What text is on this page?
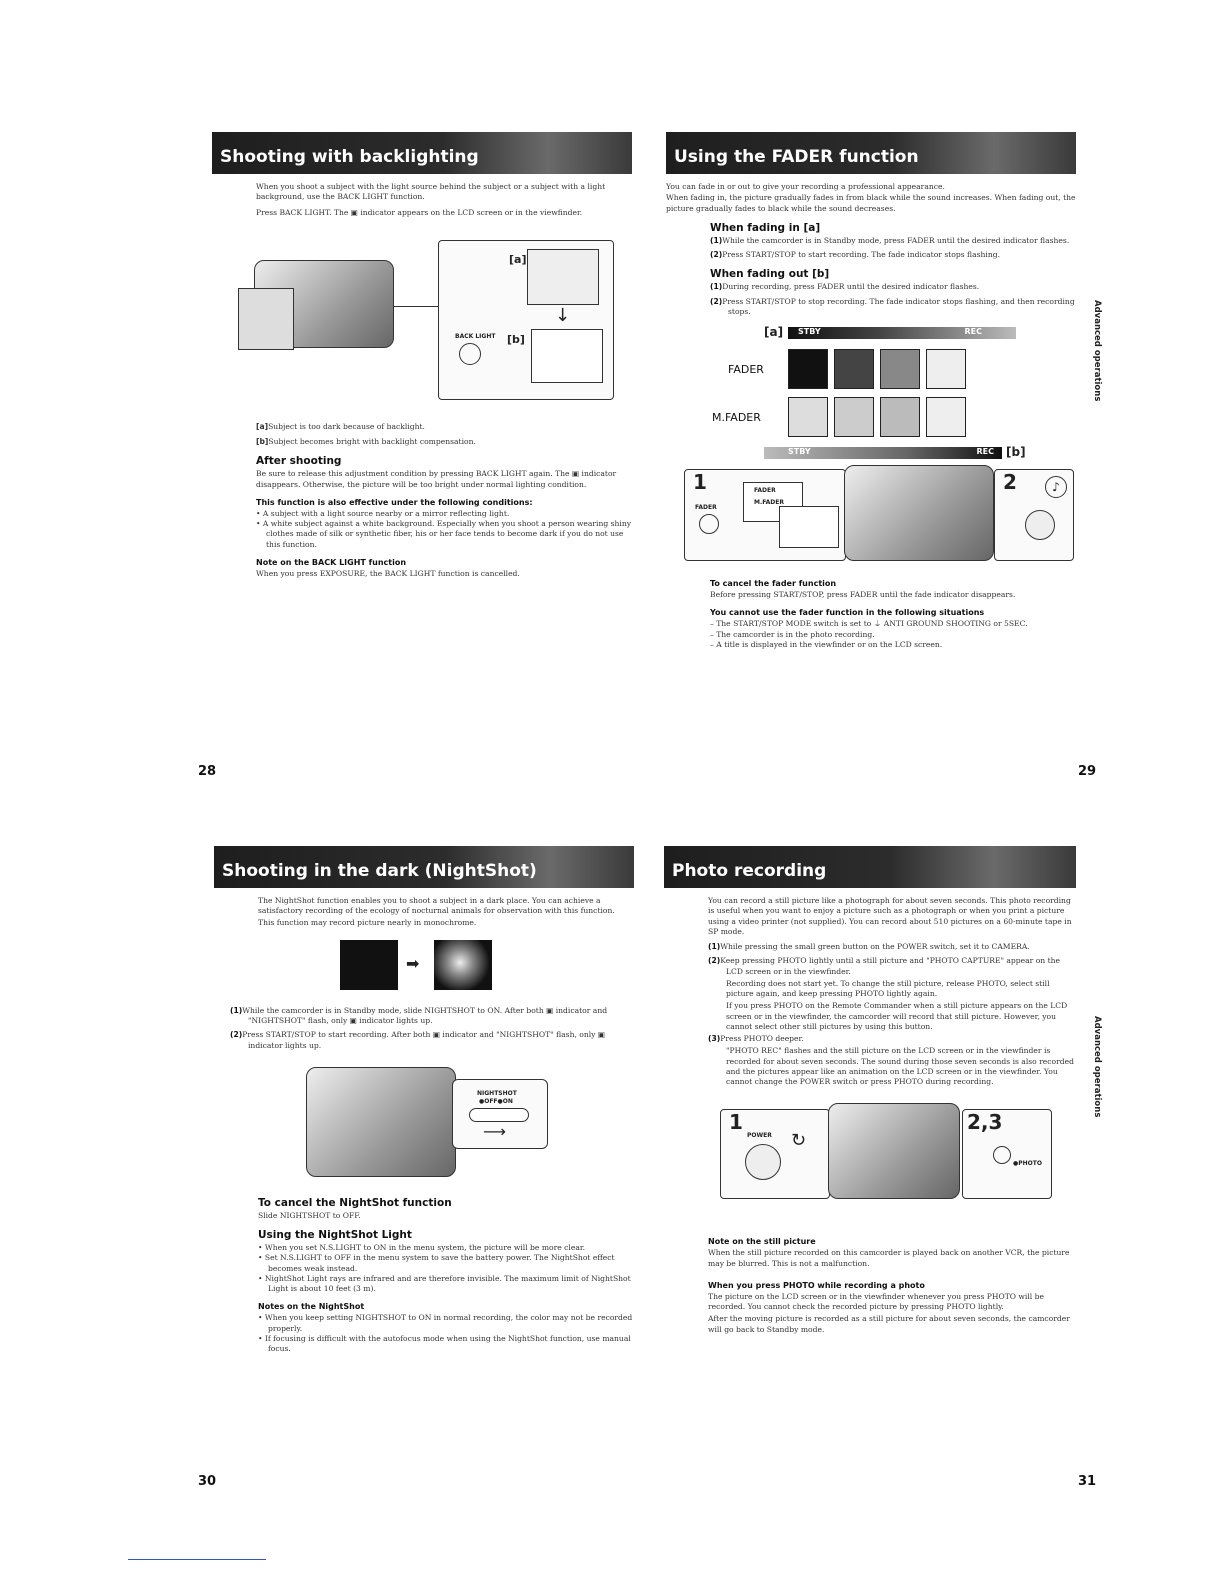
Shooting with backlighting

When you shoot a subject with the light source behind the subject or a subject with a light background, use the BACK LIGHT function.

Press BACK LIGHT. The ▣ indicator appears on the LCD screen or in the viewfinder.

[a]
↓
BACK LIGHT [b]

[a]Subject is too dark because of backlight.

[b]Subject becomes bright with backlight compensation.

After shooting

Be sure to release this adjustment condition by pressing BACK LIGHT again. The ▣ indicator disappears. Otherwise, the picture will be too bright under normal lighting condition.

This function is also effective under the following conditions:
• A subject with a light source nearby or a mirror reflecting light.
• A white subject against a white background. Especially when you shoot a person wearing shiny clothes made of silk or synthetic fiber, his or her face tends to become dark if you do not use this function.
Note on the BACK LIGHT function

When you press EXPOSURE, the BACK LIGHT function is cancelled.

28
Using the FADER function

You can fade in or out to give your recording a professional appearance.

When fading in, the picture gradually fades in from black while the sound increases. When fading out, the picture gradually fades to black while the sound decreases.

When fading in [a]

(1)While the camcorder is in Standby mode, press FADER until the desired indicator flashes.

(2)Press START/STOP to start recording. The fade indicator stops flashing.

When fading out [b]

(1)During recording, press FADER until the desired indicator flashes.

(2)Press START/STOP to stop recording. The fade indicator stops flashing, and then recording stops.

[a] STBY	REC
FADER
M.FADER
STBY	REC [b]
1
FADER
FADER
M.FADER
2	♪
To cancel the fader function

Before pressing START/STOP, press FADER until the fade indicator disappears.

You cannot use the fader function in the following situations
– The START/STOP MODE switch is set to ⏚ ANTI GROUND SHOOTING or 5SEC.
– The camcorder is in the photo recording.
– A title is displayed in the viewfinder or on the LCD screen.
Advanced operations
29
Shooting in the dark (NightShot)

The NightShot function enables you to shoot a subject in a dark place. You can achieve a satisfactory recording of the ecology of nocturnal animals for observation with this function.

This function may record picture nearly in monochrome.

➡

(1)While the camcorder is in Standby mode, slide NIGHTSHOT to ON. After both ▣ indicator and "NIGHTSHOT" flash, only ▣ indicator lights up.

(2)Press START/STOP to start recording. After both ▣ indicator and "NIGHTSHOT" flash, only ▣ indicator lights up.

NIGHTSHOT
●OFF●ON
⟶
To cancel the NightShot function

Slide NIGHTSHOT to OFF.

Using the NightShot Light
• When you set N.S.LIGHT to ON in the menu system, the picture will be more clear.
• Set N.S.LIGHT to OFF in the menu system to save the battery power. The NightShot effect becomes weak instead.
• NightShot Light rays are infrared and are therefore invisible. The maximum limit of NightShot Light is about 10 feet (3 m).
Notes on the NightShot
• When you keep setting NIGHTSHOT to ON in normal recording, the color may not be recorded properly.
• If focusing is difficult with the autofocus mode when using the NightShot function, use manual focus.
30
Photo recording

You can record a still picture like a photograph for about seven seconds. This photo recording is useful when you want to enjoy a picture such as a photograph or when you print a picture using a video printer (not supplied). You can record about 510 pictures on a 60-minute tape in SP mode.

(1)While pressing the small green button on the POWER switch, set it to CAMERA.

(2)Keep pressing PHOTO lightly until a still picture and "PHOTO CAPTURE" appear on the LCD screen or in the viewfinder.

Recording does not start yet. To change the still picture, release PHOTO, select still picture again, and keep pressing PHOTO lightly again.

If you press PHOTO on the Remote Commander when a still picture appears on the LCD screen or in the viewfinder, the camcorder will record that still picture. However, you cannot select other still pictures by using this button.

(3)Press PHOTO deeper.

"PHOTO REC" flashes and the still picture on the LCD screen or in the viewfinder is recorded for about seven seconds. The sound during those seven seconds is also recorded and the pictures appear like an animation on the LCD screen or in the viewfinder. You cannot change the POWER switch or press PHOTO during recording.

1
POWER ↻
2,3
●PHOTO
Note on the still picture

When the still picture recorded on this camcorder is played back on another VCR, the picture may be blurred. This is not a malfunction.

When you press PHOTO while recording a photo

The picture on the LCD screen or in the viewfinder whenever you press PHOTO will be recorded. You cannot check the recorded picture by pressing PHOTO lightly.

After the moving picture is recorded as a still picture for about seven seconds, the camcorder will go back to Standby mode.

Advanced operations
31
